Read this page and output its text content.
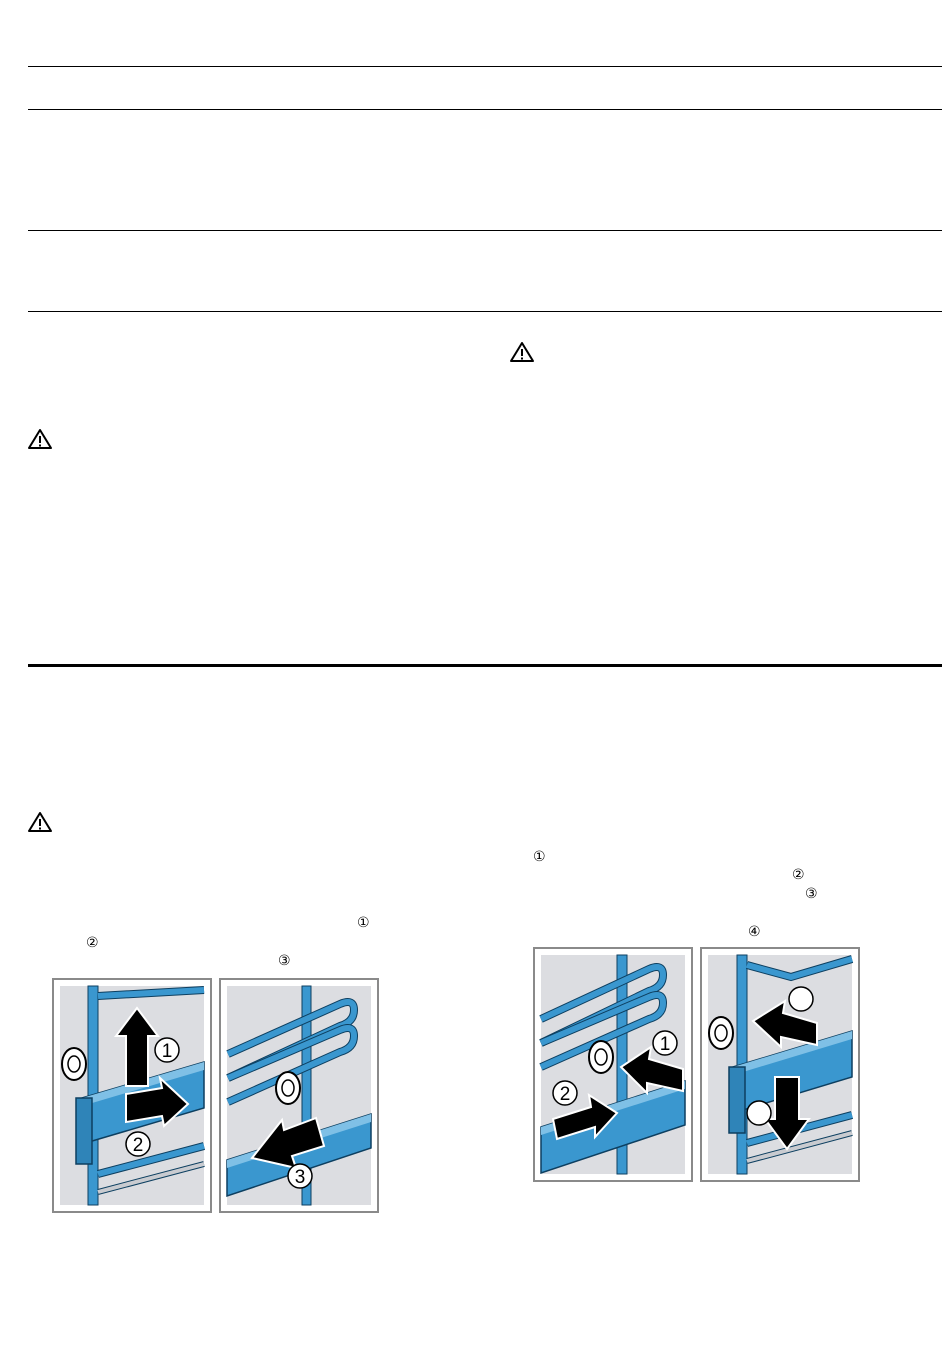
①
②
③
①
②
③
④
1
2
3
1
2
